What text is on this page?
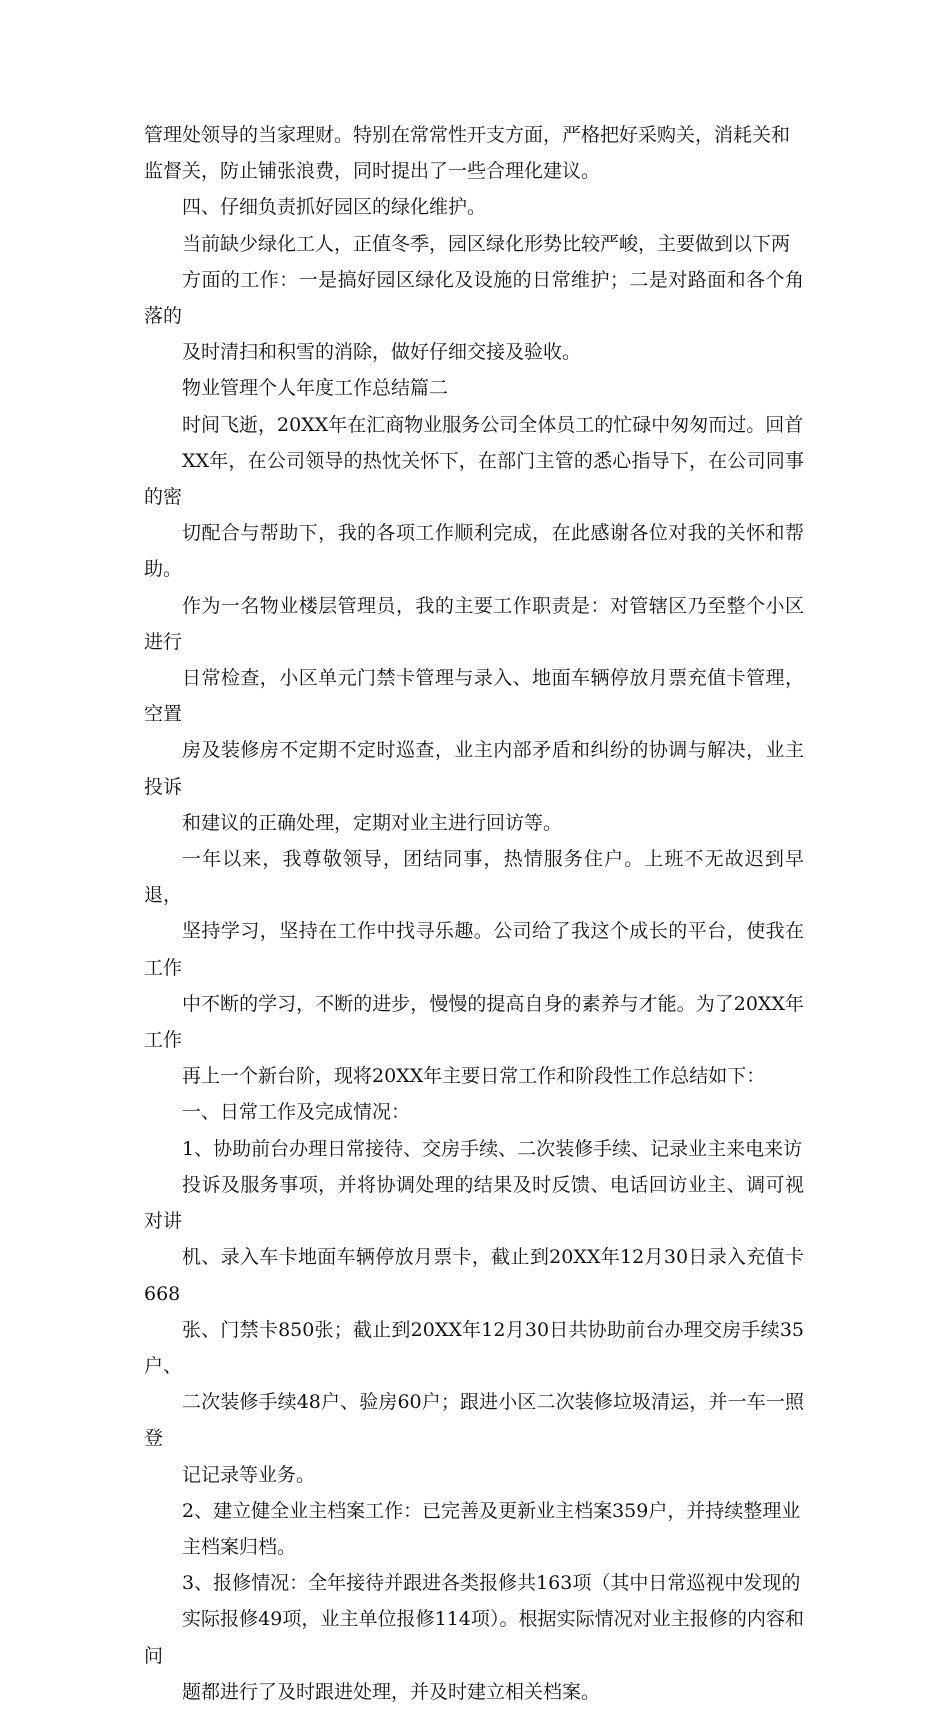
管理处领导的当家理财。特别在常常性开支方面，严格把好采购关，消耗关和
监督关，防止铺张浪费，同时提出了一些合理化建议。

四、仔细负责抓好园区的绿化维护。

当前缺少绿化工人，正值冬季，园区绿化形势比较严峻，主要做到以下两
方面的工作：一是搞好园区绿化及设施的日常维护；二是对路面和各个角落的
及时清扫和积雪的消除，做好仔细交接及验收。

物业管理个人年度工作总结篇二

时间飞逝，20XX年在汇商物业服务公司全体员工的忙碌中匆匆而过。回首
XX年，在公司领导的热忱关怀下，在部门主管的悉心指导下，在公司同事的密
切配合与帮助下，我的各项工作顺利完成，在此感谢各位对我的关怀和帮助。
作为一名物业楼层管理员，我的主要工作职责是：对管辖区乃至整个小区进行
日常检查，小区单元门禁卡管理与录入、地面车辆停放月票充值卡管理，空置
房及装修房不定期不定时巡查，业主内部矛盾和纠纷的协调与解决，业主投诉
和建议的正确处理，定期对业主进行回访等。

一年以来，我尊敬领导，团结同事，热情服务住户。上班不无故迟到早退，
坚持学习，坚持在工作中找寻乐趣。公司给了我这个成长的平台，使我在工作
中不断的学习，不断的进步，慢慢的提高自身的素养与才能。为了20XX年工作
再上一个新台阶，现将20XX年主要日常工作和阶段性工作总结如下：

一、日常工作及完成情况：

1、协助前台办理日常接待、交房手续、二次装修手续、记录业主来电来访
投诉及服务事项，并将协调处理的结果及时反馈、电话回访业主、调可视对讲
机、录入车卡地面车辆停放月票卡，截止到20XX年12月30日录入充值卡668
张、门禁卡850张；截止到20XX年12月30日共协助前台办理交房手续35户、
二次装修手续48户、验房60户；跟进小区二次装修垃圾清运，并一车一照登
记记录等业务。

2、建立健全业主档案工作：已完善及更新业主档案359户，并持续整理业
主档案归档。

3、报修情况：全年接待并跟进各类报修共163项（其中日常巡视中发现的
实际报修49项，业主单位报修114项）。根据实际情况对业主报修的内容和问
题都进行了及时跟进处理，并及时建立相关档案。
